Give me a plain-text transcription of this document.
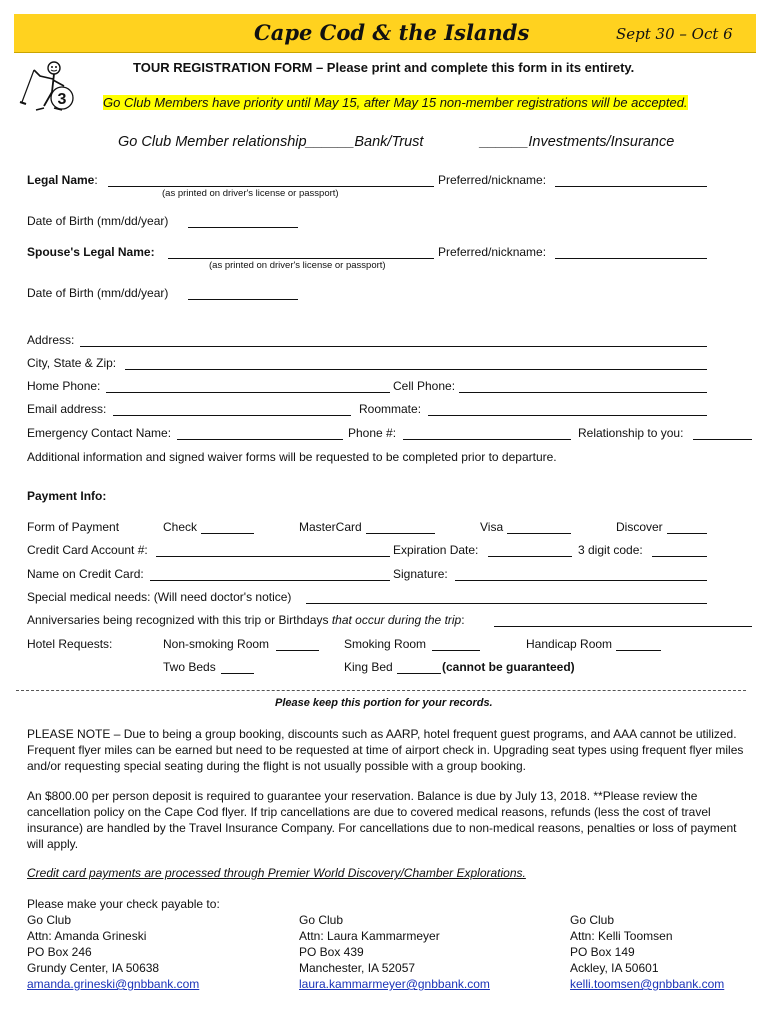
Cape Cod & the Islands	Sept 30 – Oct 6
3
TOUR REGISTRATION FORM – Please print and complete this form in its entirety.
Go Club Members have priority until May 15, after May 15 non-member registrations will be accepted.
Go Club Member relationship ______Bank/Trust	______Investments/Insurance
Legal Name:
(as printed on driver's license or passport)
Preferred/nickname:
Date of Birth (mm/dd/year)
Spouse's Legal Name:
(as printed on driver's license or passport)
Preferred/nickname:
Date of Birth (mm/dd/year)
Address:
City, State & Zip:
Home Phone:	Cell Phone:
Email address:	Roommate:
Emergency Contact Name:	Phone #:	Relationship to you:
Additional information and signed waiver forms will be requested to be completed prior to departure.
Payment Info:
Form of Payment	Check	MasterCard	Visa	Discover
Credit Card Account #:	Expiration Date:	3 digit code:
Name on Credit Card:	Signature:
Special medical needs: (Will need doctor's notice)
Anniversaries being recognized with this trip or Birthdays that occur during the trip:
Hotel Requests:	Non-smoking Room	Smoking Room	Handicap Room
Two Beds	King Bed	(cannot be guaranteed)
Please keep this portion for your records.
PLEASE NOTE – Due to being a group booking, discounts such as AARP, hotel frequent guest programs, and AAA cannot be utilized. Frequent flyer miles can be earned but need to be requested at time of airport check in. Upgrading seat types using frequent flyer miles and/or requesting special seating during the flight is not usually possible with a group booking.
An $800.00 per person deposit is required to guarantee your reservation. Balance is due by July 13, 2018. **Please review the cancellation policy on the Cape Cod flyer. If trip cancellations are due to covered medical reasons, refunds (less the cost of travel insurance) are handled by the Travel Insurance Company. For cancellations due to non-medical reasons, penalties or loss of payment will apply.
Credit card payments are processed through Premier World Discovery/Chamber Explorations.
Please make your check payable to:
Go Club
Attn: Amanda Grineski
PO Box 246
Grundy Center, IA 50638
amanda.grineski@gnbbank.com
Go Club
Attn: Laura Kammarmeyer
PO Box 439
Manchester, IA 52057
laura.kammarmeyer@gnbbank.com
Go Club
Attn: Kelli Toomsen
PO Box 149
Ackley, IA 50601
kelli.toomsen@gnbbank.com
